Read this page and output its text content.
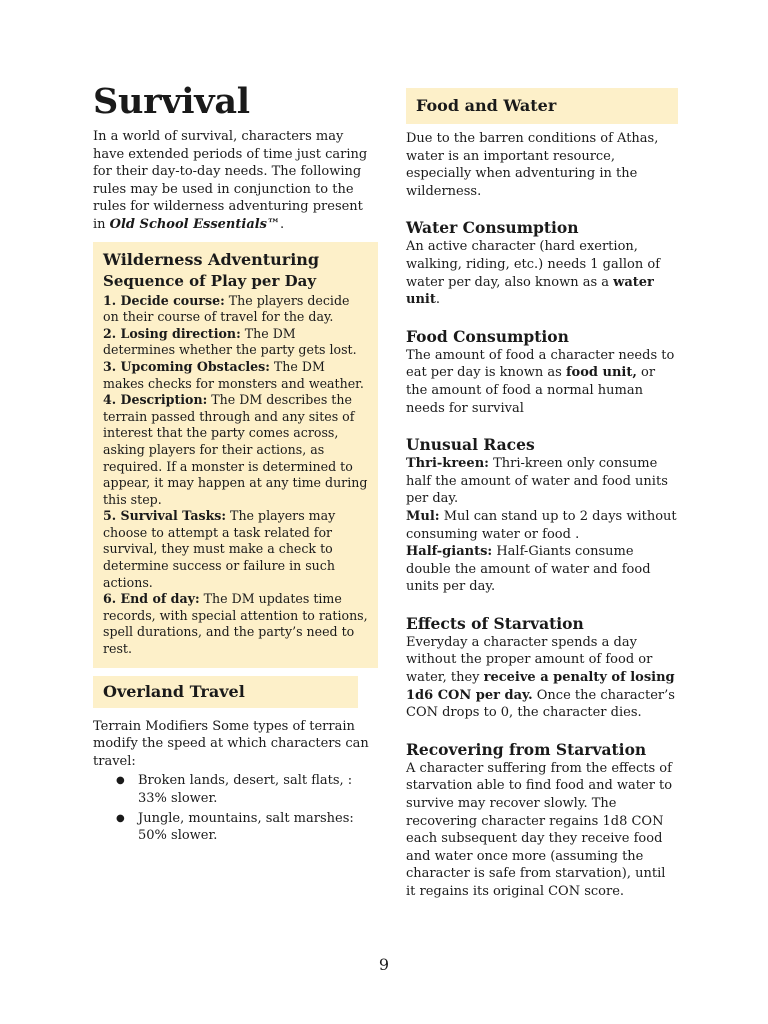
Survival

In a world of survival, characters may have extended periods of time just caring for their day-to-day needs. The following rules may be used in conjunction to the rules for wilderness adventuring present in Old School Essentials™.

Wilderness Adventuring
Sequence of Play per Day

1. Decide course: The players decide on their course of travel for the day.

2. Losing direction: The DM determines whether the party gets lost.

3. Upcoming Obstacles: The DM makes checks for monsters and weather.

4. Description: The DM describes the terrain passed through and any sites of interest that the party comes across, asking players for their actions, as required. If a monster is determined to appear, it may happen at any time during this step.

5. Survival Tasks: The players may choose to attempt a task related for survival, they must make a check to determine success or failure in such actions.

6. End of day: The DM updates time records, with special attention to rations, spell durations, and the party’s need to rest.

Overland Travel

Terrain Modifiers Some types of terrain modify the speed at which characters can travel:

● Broken lands, desert, salt flats, : 33% slower.
● Jungle, mountains, salt marshes: 50% slower.
Food and Water

Due to the barren conditions of Athas, water is an important resource, especially when adventuring in the wilderness.

Water Consumption

An active character (hard exertion, walking, riding, etc.) needs 1 gallon of water per day, also known as a water unit.

Food Consumption

The amount of food a character needs to eat per day is known as food unit, or the amount of food a normal human needs for survival

Unusual Races

Thri-kreen: Thri-kreen only consume half the amount of water and food units per day.

Mul: Mul can stand up to 2 days without consuming water or food .

Half-giants: Half-Giants consume double the amount of water and food units per day.

Effects of Starvation

Everyday a character spends a day without the proper amount of food or water, they receive a penalty of losing 1d6 CON per day. Once the character’s CON drops to 0, the character dies.

Recovering from Starvation

A character suffering from the effects of starvation able to find food and water to survive may recover slowly. The recovering character regains 1d8 CON each subsequent day they receive food and water once more (assuming the character is safe from starvation), until it regains its original CON score.

9
